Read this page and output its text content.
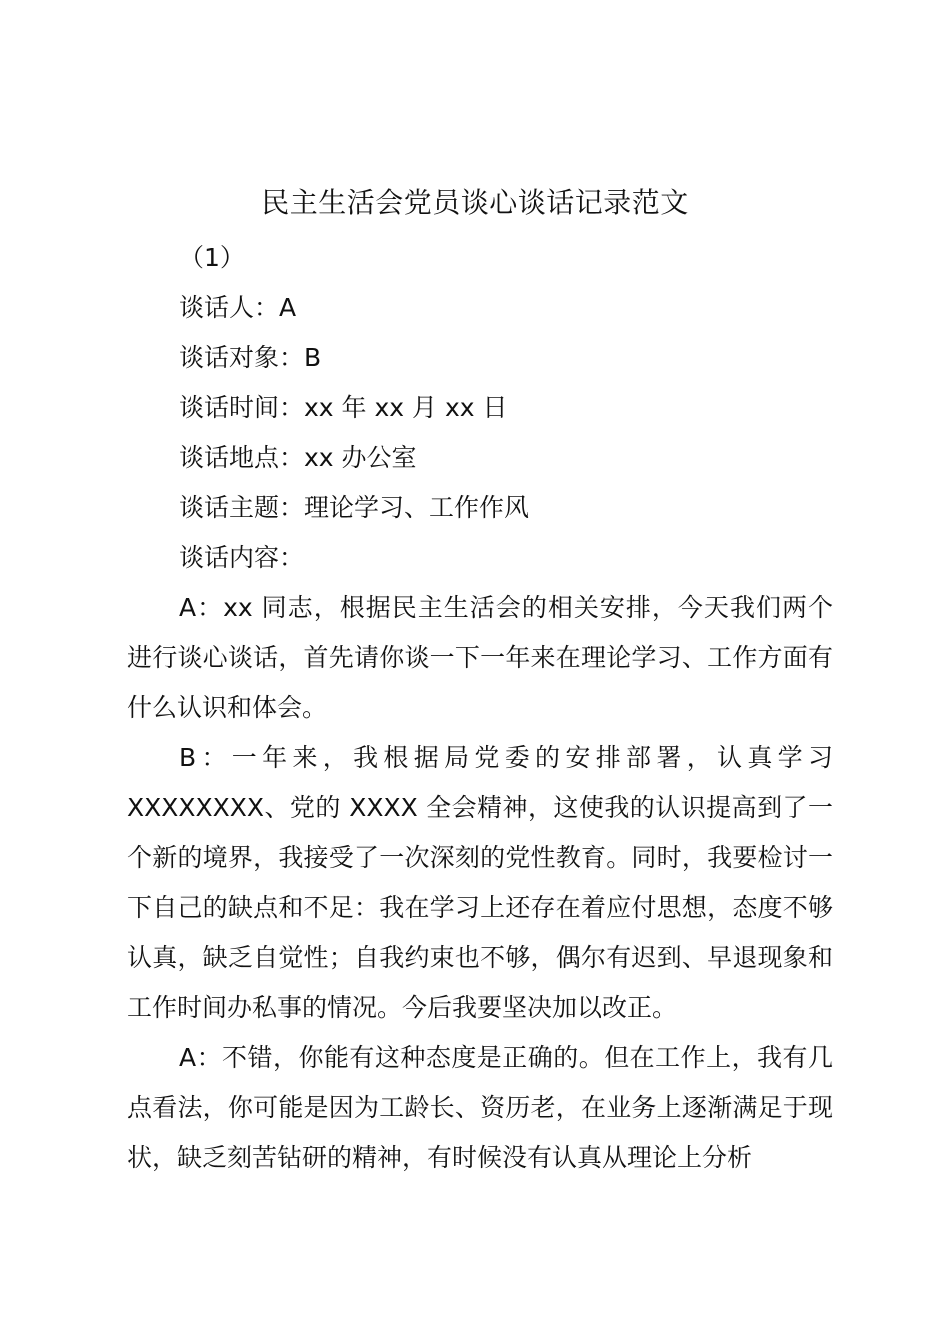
民主生活会党员谈心谈话记录范文

（1）

谈话人：A

谈话对象：B

谈话时间：xx 年 xx 月 xx 日

谈话地点：xx 办公室

谈话主题：理论学习、工作作风

谈话内容：

A：xx 同志，根据民主生活会的相关安排，今天我们两个进行谈心谈话，首先请你谈一下一年来在理论学习、工作方面有什么认识和体会。

B：一年来，我根据局党委的安排部署，认真学习 XXXXXXXX、党的 XXXX 全会精神，这使我的认识提高到了一个新的境界，我接受了一次深刻的党性教育。同时，我要检讨一下自己的缺点和不足：我在学习上还存在着应付思想，态度不够认真，缺乏自觉性；自我约束也不够，偶尔有迟到、早退现象和工作时间办私事的情况。今后我要坚决加以改正。

A：不错，你能有这种态度是正确的。但在工作上，我有几点看法，你可能是因为工龄长、资历老，在业务上逐渐满足于现状，缺乏刻苦钻研的精神，有时候没有认真从理论上分析
